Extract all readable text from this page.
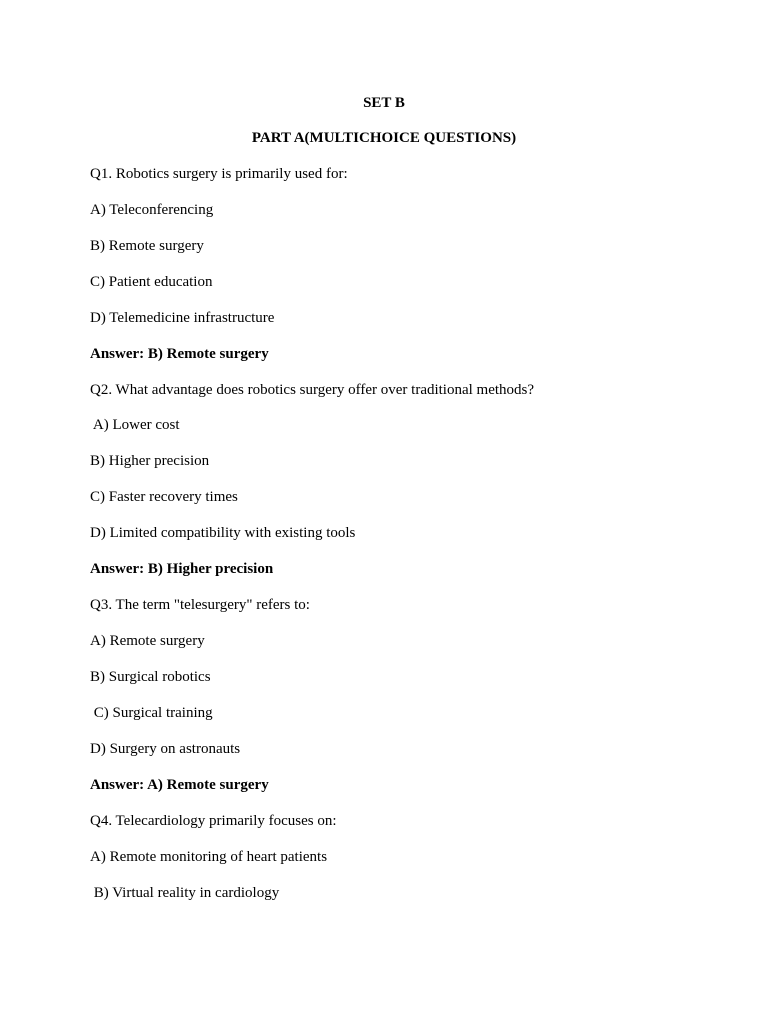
SET B
PART A(MULTICHOICE QUESTIONS)
Q1. Robotics surgery is primarily used for:
A) Teleconferencing
B) Remote surgery
C) Patient education
D) Telemedicine infrastructure
Answer: B) Remote surgery
Q2. What advantage does robotics surgery offer over traditional methods?
A) Lower cost
B) Higher precision
C) Faster recovery times
D) Limited compatibility with existing tools
Answer: B) Higher precision
Q3. The term "telesurgery" refers to:
A) Remote surgery
B) Surgical robotics
C) Surgical training
D) Surgery on astronauts
Answer: A) Remote surgery
Q4. Telecardiology primarily focuses on:
A) Remote monitoring of heart patients
B) Virtual reality in cardiology
